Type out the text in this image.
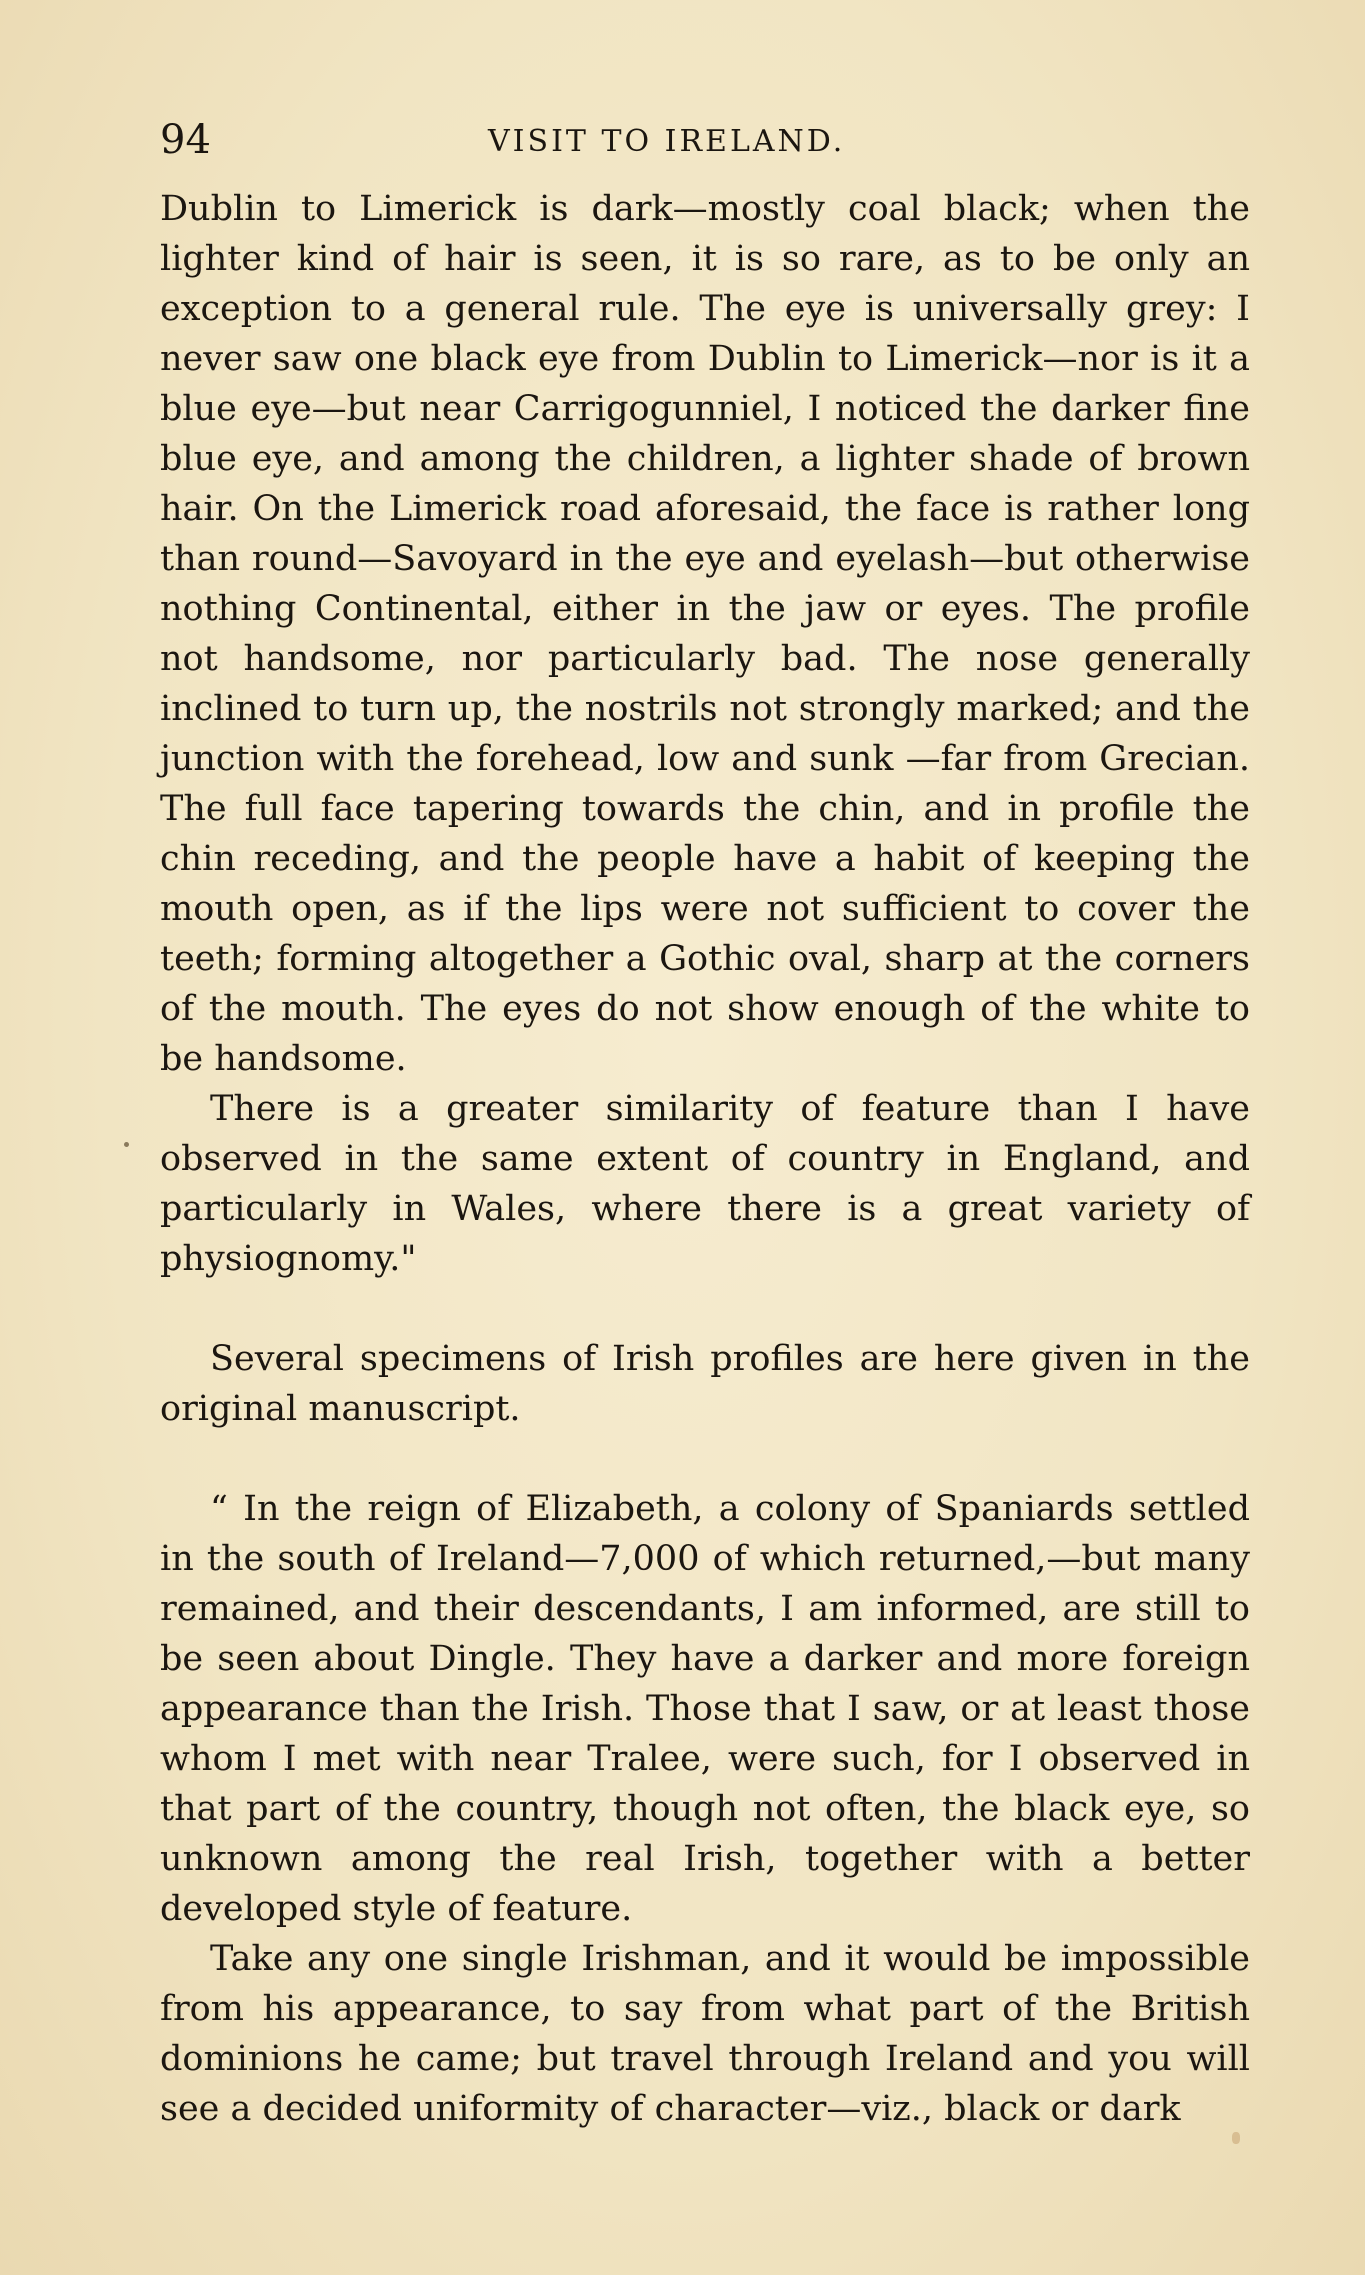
94	VISIT TO IRELAND.

Dublin to Limerick is dark—mostly coal black; when the lighter kind of hair is seen, it is so rare, as to be only an exception to a general rule. The eye is universally grey: I never saw one black eye from Dublin to Limerick—nor is it a blue eye—but near Carrigogunniel, I noticed the darker fine blue eye, and among the children, a lighter shade of brown hair. On the Limerick road aforesaid, the face is rather long than round—Savoyard in the eye and eyelash—but otherwise nothing Continental, either in the jaw or eyes. The profile not handsome, nor particularly bad. The nose generally inclined to turn up, the nostrils not strongly marked; and the junction with the forehead, low and sunk —far from Grecian. The full face tapering towards the chin, and in profile the chin receding, and the people have a habit of keeping the mouth open, as if the lips were not sufficient to cover the teeth; forming altogether a Gothic oval, sharp at the corners of the mouth. The eyes do not show enough of the white to be handsome.

There is a greater similarity of feature than I have observed in the same extent of country in England, and particularly in Wales, where there is a great variety of physiognomy."

Several specimens of Irish profiles are here given in the original manuscript.

“ In the reign of Elizabeth, a colony of Spaniards settled in the south of Ireland—7,000 of which returned,—but many remained, and their descendants, I am informed, are still to be seen about Dingle. They have a darker and more foreign appearance than the Irish. Those that I saw, or at least those whom I met with near Tralee, were such, for I observed in that part of the country, though not often, the black eye, so unknown among the real Irish, together with a better developed style of feature.

Take any one single Irishman, and it would be impossible from his appearance, to say from what part of the British dominions he came; but travel through Ireland and you will see a decided uniformity of character—viz., black or dark
